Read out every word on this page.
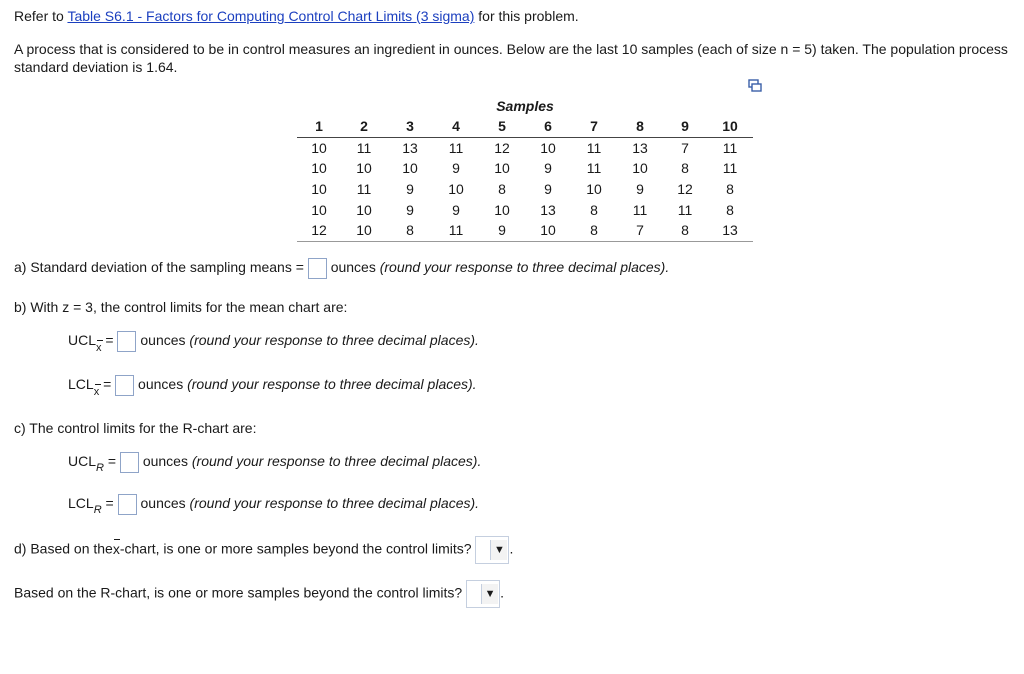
Refer to Table S6.1 - Factors for Computing Control Chart Limits (3 sigma) for this problem.
A process that is considered to be in control measures an ingredient in ounces. Below are the last 10 samples (each of size n = 5) taken. The population process standard deviation is 1.64.
Samples									
1	2	3	4	5	6	7	8	9	10
10	11	13	11	12	10	11	13	7	11
10	10	10	9	10	9	11	10	8	11
10	11	9	10	8	9	10	9	12	8
10	10	9	9	10	13	8	11	11	8
12	10	8	11	9	10	8	7	8	13
a) Standard deviation of the sampling means = ounces (round your response to three decimal places).
b) With z = 3, the control limits for the mean chart are:
UCLx = ounces (round your response to three decimal places).
LCLx = ounces (round your response to three decimal places).
c) The control limits for the R-chart are:
$UCL_R$ = ounces (round your response to three decimal places).
$LCL_R$ = ounces (round your response to three decimal places).
d) Based on thex-chart, is one or more samples beyond the control limits?	▼ .
Based on the R-chart, is one or more samples beyond the control limits?	▼ .
